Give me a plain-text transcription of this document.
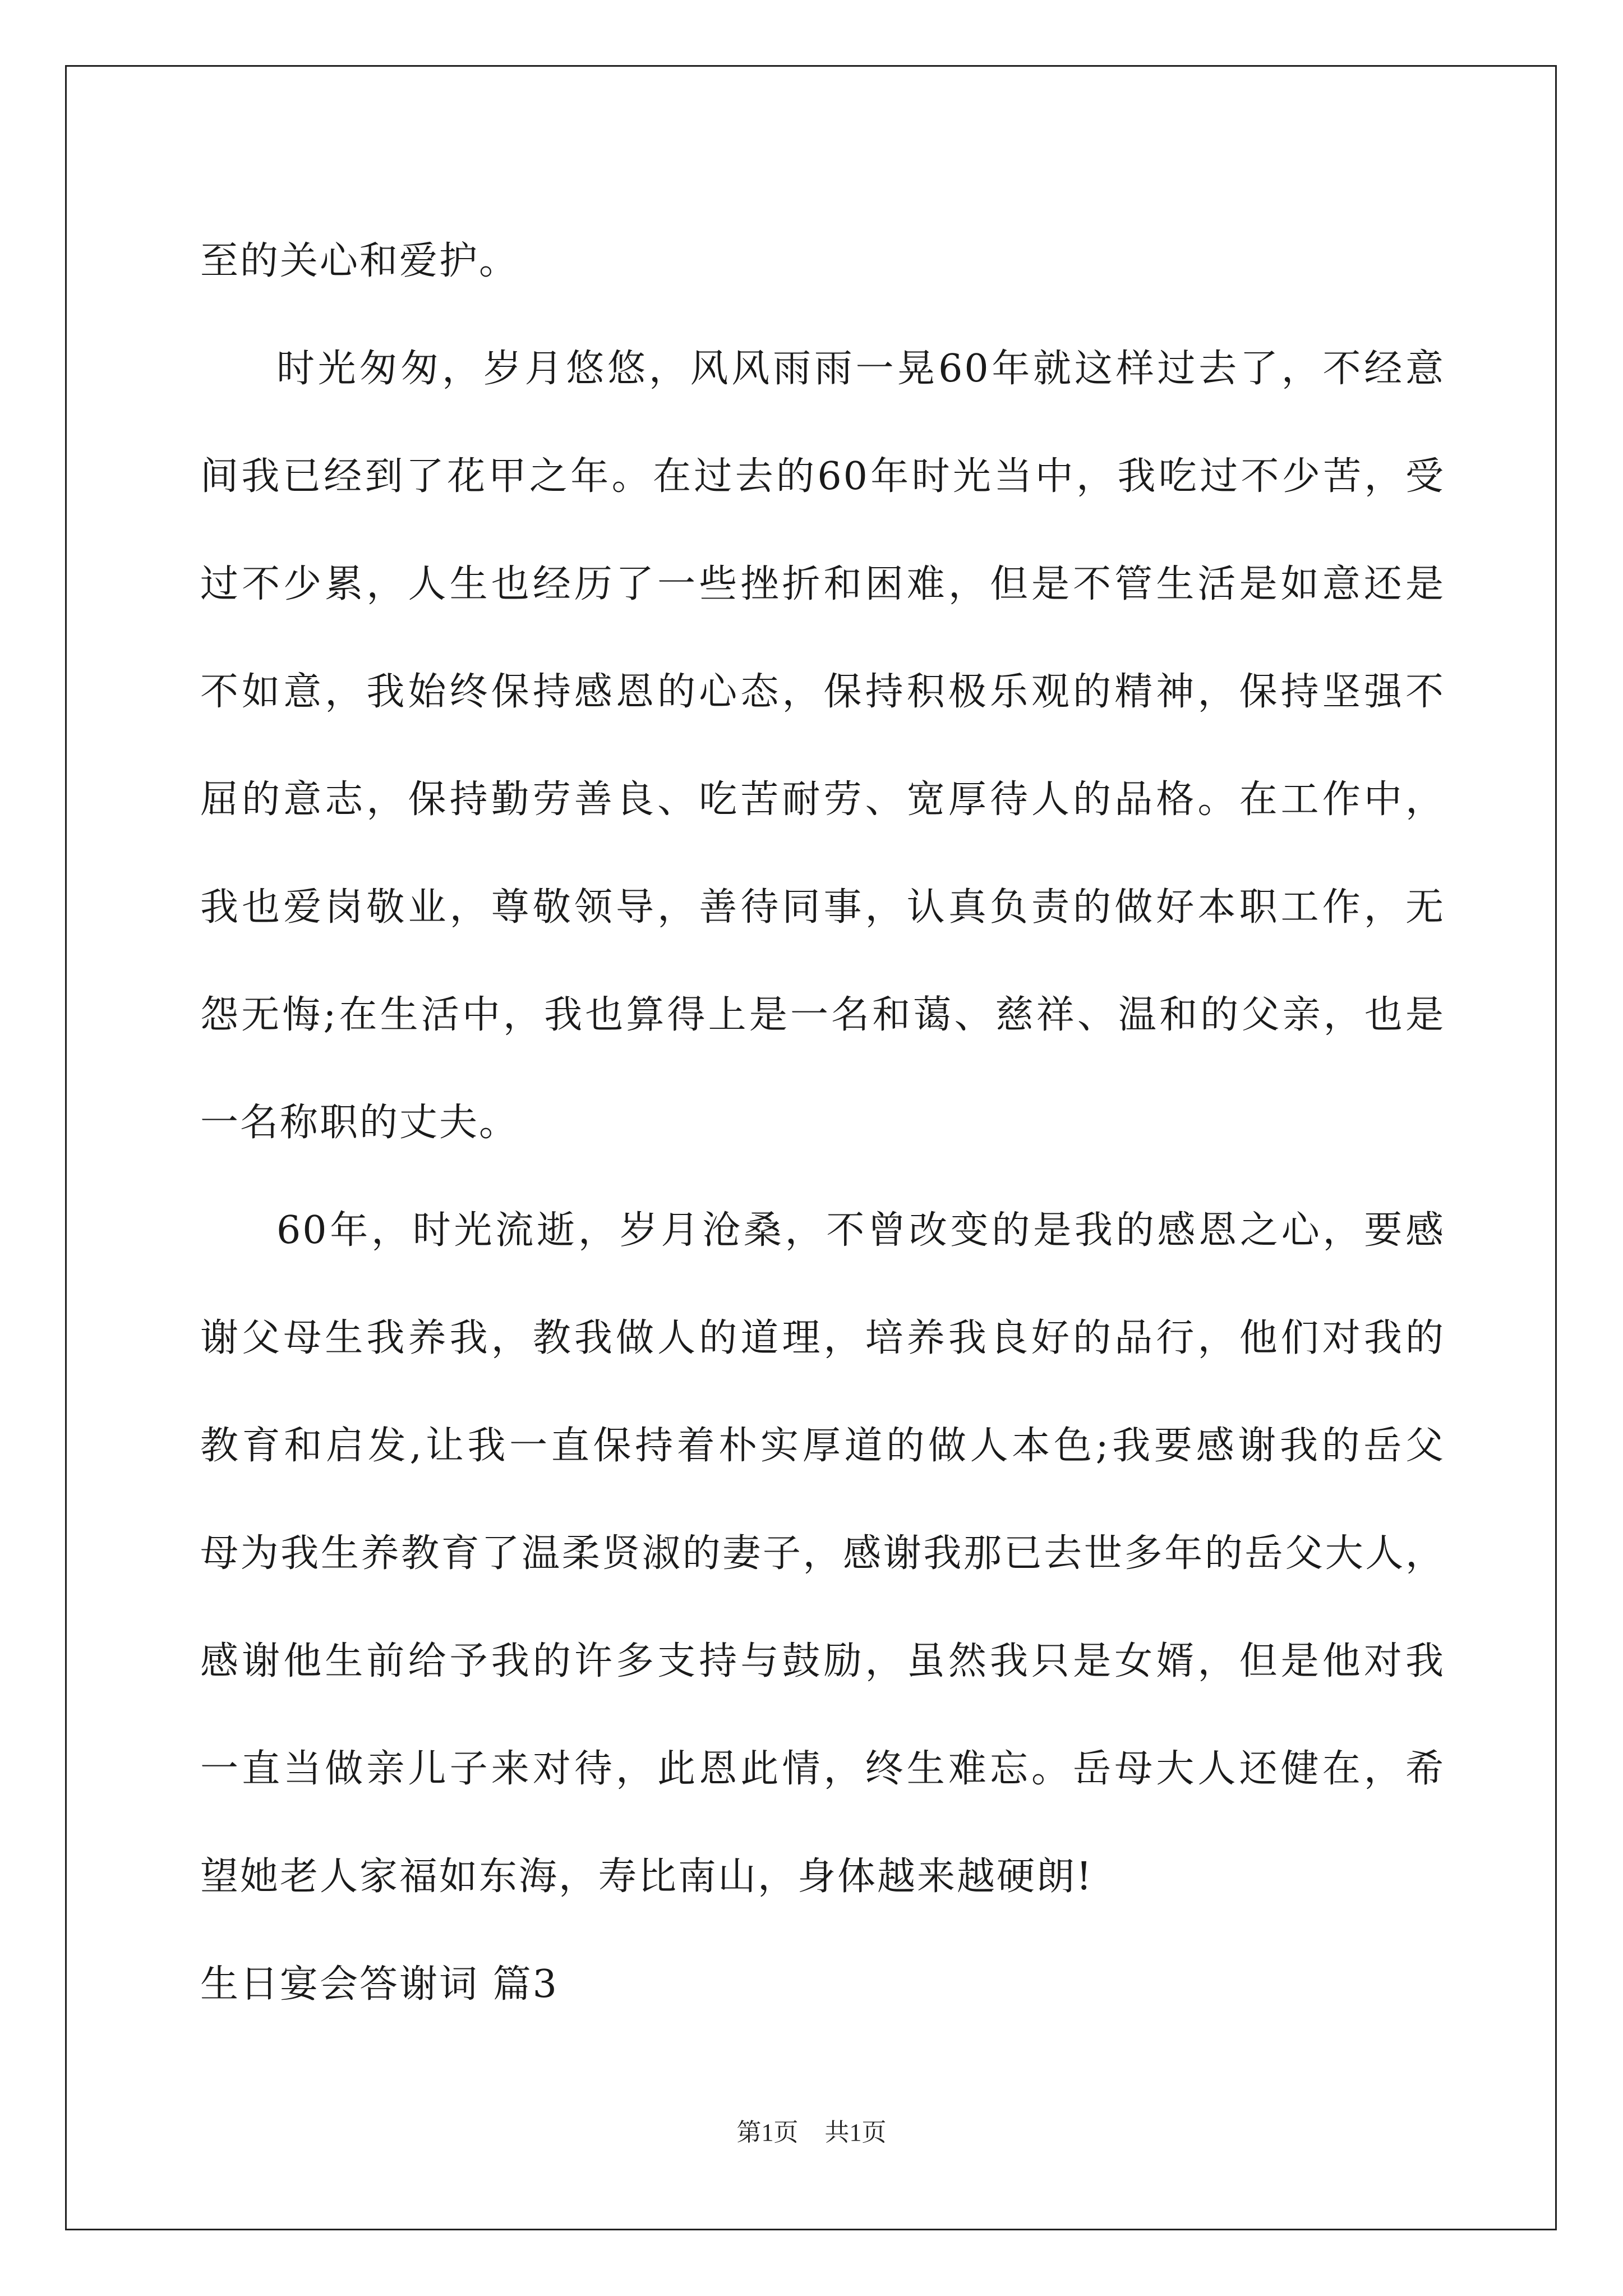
至的关心和爱护。
时光匆匆，岁月悠悠，风风雨雨一晃60年就这样过去了，不经意
间我已经到了花甲之年。在过去的60年时光当中，我吃过不少苦，受
过不少累，人生也经历了一些挫折和困难，但是不管生活是如意还是
不如意，我始终保持感恩的心态，保持积极乐观的精神，保持坚强不
屈的意志，保持勤劳善良、吃苦耐劳、宽厚待人的品格。在工作中，
我也爱岗敬业，尊敬领导，善待同事，认真负责的做好本职工作，无
怨无悔;在生活中，我也算得上是一名和蔼、慈祥、温和的父亲，也是
一名称职的丈夫。
60年，时光流逝，岁月沧桑，不曾改变的是我的感恩之心，要感
谢父母生我养我，教我做人的道理，培养我良好的品行，他们对我的
教育和启发,让我一直保持着朴实厚道的做人本色;我要感谢我的岳父
母为我生养教育了温柔贤淑的妻子，感谢我那已去世多年的岳父大人，
感谢他生前给予我的许多支持与鼓励，虽然我只是女婿，但是他对我
一直当做亲儿子来对待，此恩此情，终生难忘。岳母大人还健在，希
望她老人家福如东海，寿比南山，身体越来越硬朗!
生日宴会答谢词 篇3
第1页 共1页
